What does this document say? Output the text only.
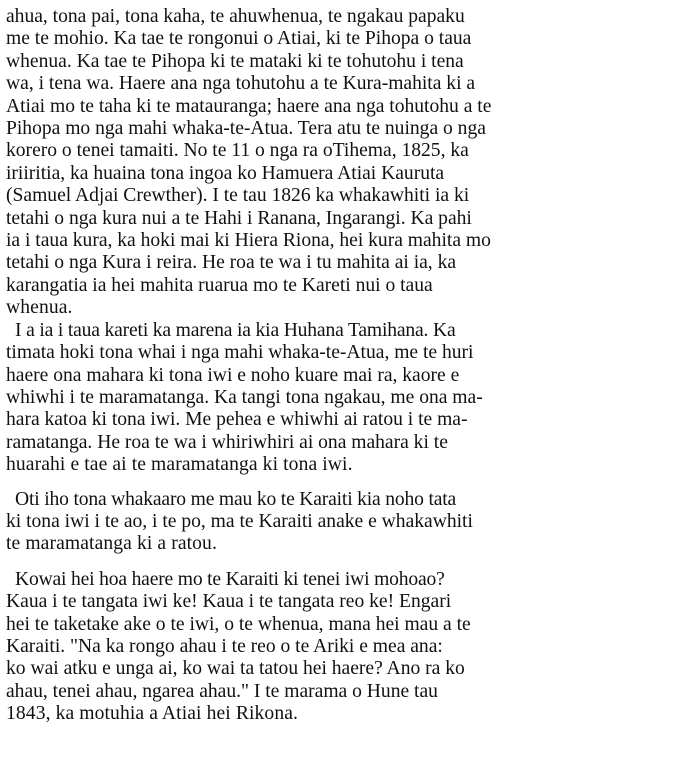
ahua, tona pai, tona kaha, te ahuwhenua, te ngakau papaku
me te mohio. Ka tae te rongonui o Atiai, ki te Pihopa o taua
whenua. Ka tae te Pihopa ki te mataki ki te tohutohu i tena
wa, i tena wa. Haere ana nga tohutohu a te Kura-mahita ki a
Atiai mo te taha ki te matauranga; haere ana nga tohutohu a te
Pihopa mo nga mahi whaka-te-Atua. Tera atu te nuinga o nga
korero o tenei tamaiti. No te 11 o nga ra oTihema, 1825, ka
iriiritia, ka huaina tona ingoa ko Hamuera Atiai Kauruta
(Samuel Adjai Crewther). I te tau 1826 ka whakawhiti ia ki
tetahi o nga kura nui a te Hahi i Ranana, Ingarangi. Ka pahi
ia i taua kura, ka hoki mai ki Hiera Riona, hei kura mahita mo
tetahi o nga Kura i reira. He roa te wa i tu mahita ai ia, ka
karangatia ia hei mahita ruarua mo te Kareti nui o taua
whenua.
I a ia i taua kareti ka marena ia kia Huhana Tamihana. Ka
timata hoki tona whai i nga mahi whaka-te-Atua, me te huri
haere ona mahara ki tona iwi e noho kuare mai ra, kaore e
whiwhi i te maramatanga. Ka tangi tona ngakau, me ona ma-
hara katoa ki tona iwi. Me pehea e whiwhi ai ratou i te ma-
ramatanga. He roa te wa i whiriwhiri ai ona mahara ki te
huarahi e tae ai te maramatanga ki tona iwi.
Oti iho tona whakaaro me mau ko te Karaiti kia noho tata
ki tona iwi i te ao, i te po, ma te Karaiti anake e whakawhiti
te maramatanga ki a ratou.
Kowai hei hoa haere mo te Karaiti ki tenei iwi mohoao?
Kaua i te tangata iwi ke! Kaua i te tangata reo ke! Engari
hei te taketake ake o te iwi, o te whenua, mana hei mau a te
Karaiti. "Na ka rongo ahau i te reo o te Ariki e mea ana:
ko wai atku e unga ai, ko wai ta tatou hei haere? Ano ra ko
ahau, tenei ahau, ngarea ahau." I te marama o Hune tau
1843, ka motuhia a Atiai hei Rikona.
